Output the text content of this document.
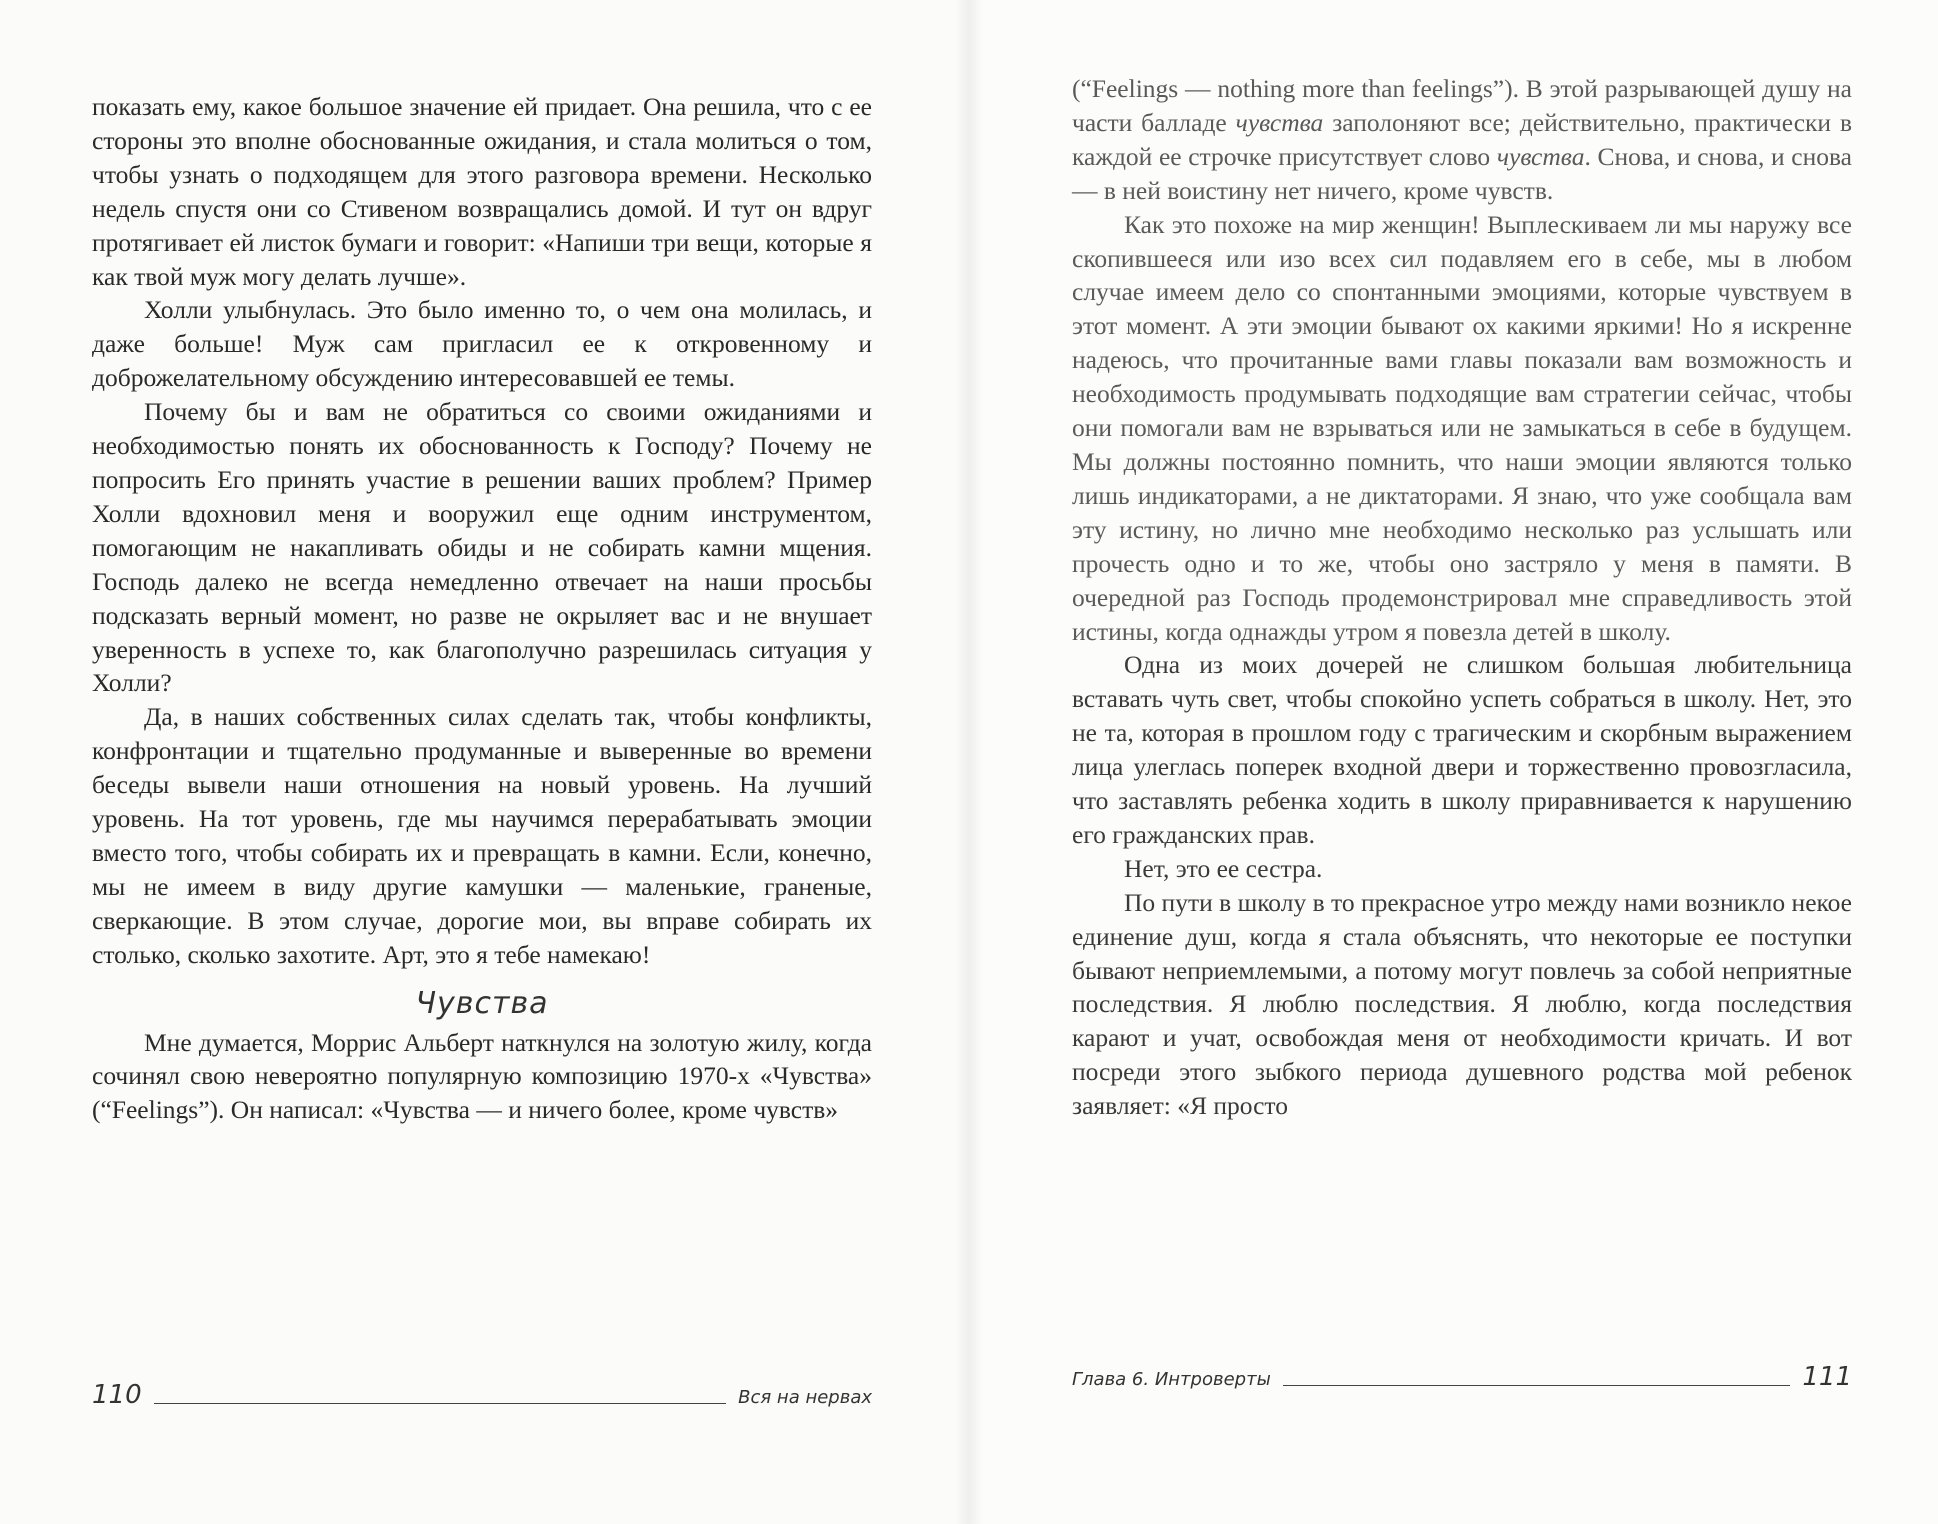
показать ему, какое большое значение ей придает. Она решила, что с ее стороны это вполне обоснованные ожидания, и стала молиться о том, чтобы узнать о подходящем для этого разговора времени. Несколько недель спустя они со Стивеном возвращались домой. И тут он вдруг протягивает ей листок бумаги и говорит: «Напиши три вещи, которые я как твой муж могу делать лучше».

Холли улыбнулась. Это было именно то, о чем она молилась, и даже больше! Муж сам пригласил ее к откровенному и доброжелательному обсуждению интересовавшей ее темы.

Почему бы и вам не обратиться со своими ожиданиями и необходимостью понять их обоснованность к Господу? Почему не попросить Его принять участие в решении ваших проблем? Пример Холли вдохновил меня и вооружил еще одним инструментом, помогающим не накапливать обиды и не собирать камни мщения. Господь далеко не всегда немедленно отвечает на наши просьбы подсказать верный момент, но разве не окрыляет вас и не внушает уверенность в успехе то, как благополучно разрешилась ситуация у Холли?

Да, в наших собственных силах сделать так, чтобы конфликты, конфронтации и тщательно продуманные и выверенные во времени беседы вывели наши отношения на новый уровень. На лучший уровень. На тот уровень, где мы научимся перерабатывать эмоции вместо того, чтобы собирать их и превращать в камни. Если, конечно, мы не имеем в виду другие камушки — маленькие, граненые, сверкающие. В этом случае, дорогие мои, вы вправе собирать их столько, сколько захотите. Арт, это я тебе намекаю!

Чувства

Мне думается, Моррис Альберт наткнулся на золотую жилу, когда сочинял свою невероятно популярную композицию 1970-х «Чувства» (“Feelings”). Он написал: «Чувства — и ничего более, кроме чувств»

110	Вся на нервах

(“Feelings — nothing more than feelings”). В этой разрывающей душу на части балладе чувства заполоняют все; действительно, практически в каждой ее строчке присутствует слово чувства. Снова, и снова, и снова — в ней воистину нет ничего, кроме чувств.

Как это похоже на мир женщин! Выплескиваем ли мы наружу все скопившееся или изо всех сил подавляем его в себе, мы в любом случае имеем дело со спонтанными эмоциями, которые чувствуем в этот момент. А эти эмоции бывают ох какими яркими! Но я искренне надеюсь, что прочитанные вами главы показали вам возможность и необходимость продумывать подходящие вам стратегии сейчас, чтобы они помогали вам не взрываться или не замыкаться в себе в будущем. Мы должны постоянно помнить, что наши эмоции являются только лишь индикаторами, а не диктаторами. Я знаю, что уже сообщала вам эту истину, но лично мне необходимо несколько раз услышать или прочесть одно и то же, чтобы оно застряло у меня в памяти. В очередной раз Господь продемонстрировал мне справедливость этой истины, когда однажды утром я повезла детей в школу.

Одна из моих дочерей не слишком большая любительница вставать чуть свет, чтобы спокойно успеть собраться в школу. Нет, это не та, которая в прошлом году с трагическим и скорбным выражением лица улеглась поперек входной двери и торжественно провозгласила, что заставлять ребенка ходить в школу приравнивается к нарушению его гражданских прав.

Нет, это ее сестра.

По пути в школу в то прекрасное утро между нами возникло некое единение душ, когда я стала объяснять, что некоторые ее поступки бывают неприемлемыми, а потому могут повлечь за собой неприятные последствия. Я люблю последствия. Я люблю, когда последствия карают и учат, освобождая меня от необходимости кричать. И вот посреди этого зыбкого периода душевного родства мой ребенок заявляет: «Я просто

Глава 6. Интроверты	111
